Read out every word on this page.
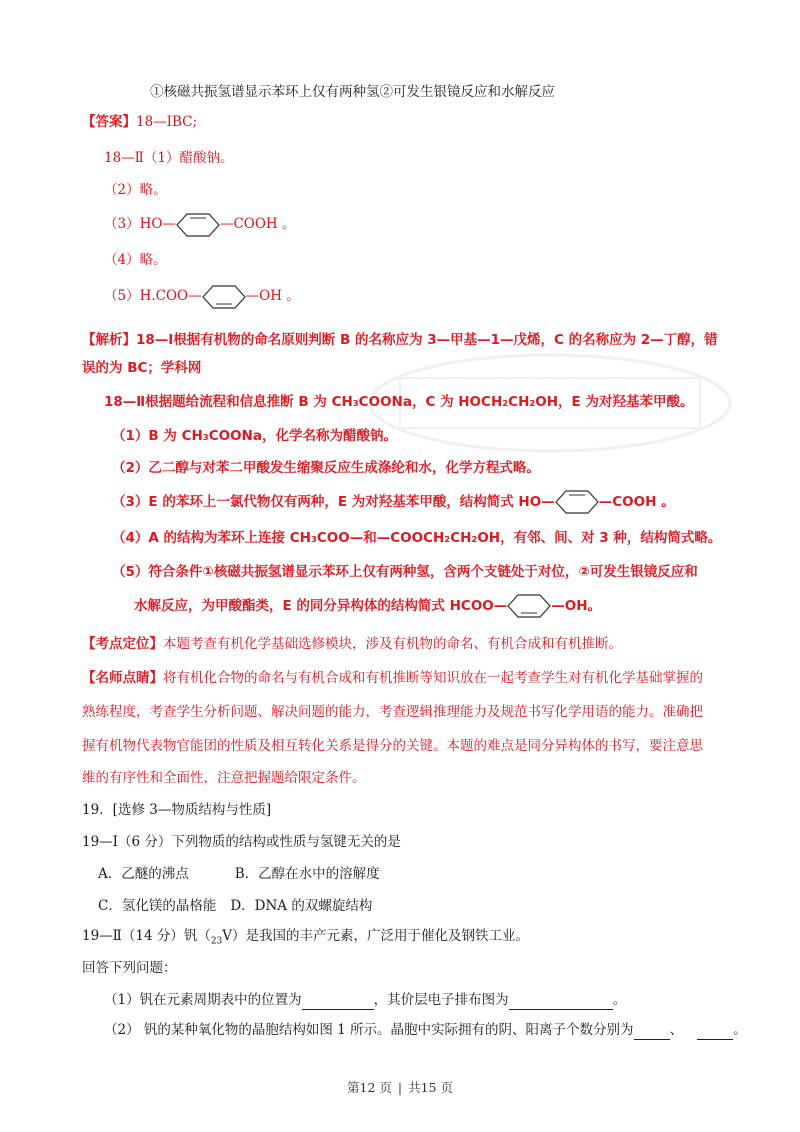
①核磁共振氢谱显示苯环上仅有两种氢②可发生银镜反应和水解反应
【答案】18—ⅠBC;
18—Ⅱ（1）醋酸钠。
（2）略。
（3）HO—	—COOH 。
（4）略。
（5）H.COO—	—OH 。
【解析】18—Ⅰ根据有机物的命名原则判断 B 的名称应为 3—甲基—1—戊烯，C 的名称应为 2—丁醇，错
误的为 BC；学科网
18—Ⅱ根据题给流程和信息推断 B 为 CH₃COONa，C 为 HOCH₂CH₂OH，E 为对羟基苯甲酸。
（1）B 为 CH₃COONa，化学名称为醋酸钠。
（2）乙二醇与对苯二甲酸发生缩聚反应生成涤纶和水，化学方程式略。
（3）E 的苯环上一氯代物仅有两种，E 为对羟基苯甲酸，结构简式 HO—	—COOH 。
（4）A 的结构为苯环上连接 CH₃COO—和—COOCH₂CH₂OH，有邻、间、对 3 种，结构简式略。
（5）符合条件①核磁共振氢谱显示苯环上仅有两种氢，含两个支链处于对位，②可发生银镜反应和
水解反应，为甲酸酯类，E 的同分异构体的结构简式 HCOO—	—OH。
【考点定位】本题考查有机化学基础选修模块，涉及有机物的命名、有机合成和有机推断。
【名师点睛】将有机化合物的命名与有机合成和有机推断等知识放在一起考查学生对有机化学基础掌握的
熟练程度，考查学生分析问题、解决问题的能力，考查逻辑推理能力及规范书写化学用语的能力。准确把
握有机物代表物官能团的性质及相互转化关系是得分的关键。本题的难点是同分异构体的书写，要注意思
维的有序性和全面性，注意把握题给限定条件。
19．[选修 3—物质结构与性质]
19—Ⅰ（6 分）下列物质的结构或性质与氢键无关的是
A．乙醚的沸点	B．乙醇在水中的溶解度
C．氢化镁的晶格能 D．DNA 的双螺旋结构
19—Ⅱ（14 分）钒$(_{23}V)$是我国的丰产元素，广泛用于催化及钢铁工业。
回答下列问题：
（1）钒在元素周期表中的位置为	，其价层电子排布图为	。
（2） 钒的某种氧化物的晶胞结构如图 1 所示。晶胞中实际拥有的阴、阳离子个数分别为	、	。
第12 页 | 共15 页
